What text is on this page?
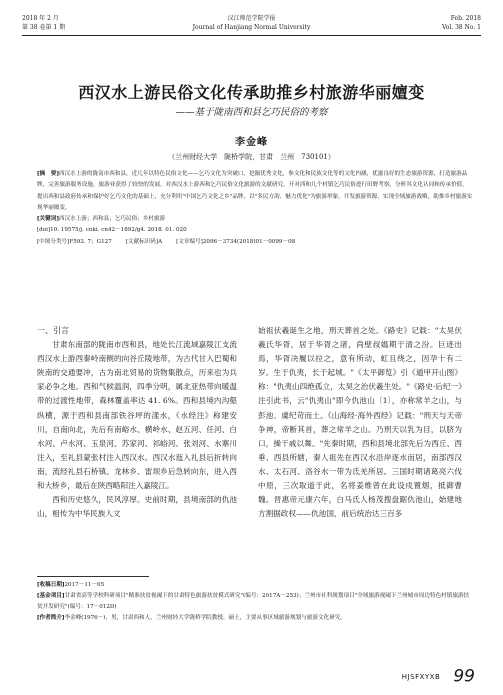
2018 年 2 月
第 38 卷第 1 期
汉江师范学院学报
Journal of Hanjiang Normal University
Feb. 2018
Vol. 38 No. 1
西汉水上游民俗文化传承助推乡村旅游华丽嬗变
——基于陇南西和县乞巧民俗的考察
李金峰
（兰州财经大学　陇桥学院，甘肃　兰州　730101）

[摘　要]西汉水上游的陇南市西和县，近几年以特色民俗文化——乞巧文化为突破口，挖掘优秀文化，参文化和民族文化等的文化内涵，优滋良好的生态旅游资源，打造旅游品牌，完善旅游服务设施，旅游业获得了较快的发展。对西汉水上游西和乞巧民俗文化旅游的文献研究，开对西和几个村镇乞巧民俗进行田野考察，分析其文化认同和传承价值，提出西和县政府传承和保护好乞巧文化的基础上，充分利用"中国乞巧文化之乡"品牌，以"多民方韵、魅力优化"为旅游形象，开发旅游资源，实现全域旅游战略，助推乡村旅游实现华丽嬗变。

[关键词]西汉水上游；西和县；乞巧民俗；乡村旅游

[doi]10. 19575/j. cnki. cn42－1892/g4. 2018. 01. 020

[中图分类号]F592. 7；G127	[文献标识码]A	[文章编号]2096－3734(2018)01－0099－08

一、引言

甘肃东南部的陇南市西和县，地处长江流域嘉陵江支流西汉水上游西秦岭南侧的向谷丘陵地带，为古代甘入巴蜀和陕南的交通要冲，古为南北贸易的货物集散点，历来也为兵家必争之地。西和气候温润，四季分明，属北亚热带向暖温带的过渡性地带，森林覆盖率达 41. 6%。西和县境内沟壑纵横，源于西和县南部铁谷坪的漾水，《水经注》称建安川，自南向北，先后有南峪水、横岭水、赵五河、任河、白水河、卢水河、玉泉河、苏家河、祁峪河、张刘河、水寨川注入，至礼县蒙张村注入西汉水。西汉水迤入礼县后折转向南，流经礼县石桥镇、龙林乡、雷坝乡后急转向东，进入西和大桥乡，最后在陕西略阳注入嘉陵江。

西和历史悠久，民风淳厚。史前时期，县境南部的仇池山，相传为中华民族人文

始祖伏羲诞生之地，刑天葬首之处。《路史》记载："太昊伏羲氏华胥，居于华胥之渚，尚壁叔媪期于清之汾。巨迹出焉，华胥决履以拉之，意有所动，虹且绕之，因孕十有二岁。生于仇夷，长于起城。"《太平御览》引《遁甲开山图》称："仇夷山四绝孤立，太昊之治伏羲生处。"《路史·后纪一》注引此书，云"仇夷山"即今仇池山〔1〕，亦称常羊之山，与彭池、虞纪苛而土。《山海经·海外西经》记载："刑天与天帝争神，帝断其首，葬之常羊之山。乃刑天以乳为目，以脐为口，操干戚以舞。"先秦时期，西和县境北部先后为西丘、西垂、西县所辖，秦人祖先在西汉水沿岸逐水而居，南部西汉水、太石河、洛谷水一带为氐羌所居。三国时期诸葛亮六伐中原，三次取道于此，名将姜维曾在此设戍置烟，抵御曹魏。晋惠帝元康六年，白马氐人杨茂搜盘踞仇池山，始建地方割据政权——仇池国，前后统治达三百多

[收稿日期]2017－11－05

[基金项目]甘肃省高等学校科研项目"精准扶贫视阈下的甘肃特色旅游扶贫模式研究"(编号：2017A－253)；兰州市社科规划项目"全域旅游视阈下兰州城市周边特色村镇旅游扶贫开发研究"(编号：17－012D)

[作者简介]李金峰(1976－)，男，甘肃西和人，兰州财经大学陇桥学院教授，硕士，主要从事区域旅游规划与旅游文化研究。

HJSFXYXB 99
